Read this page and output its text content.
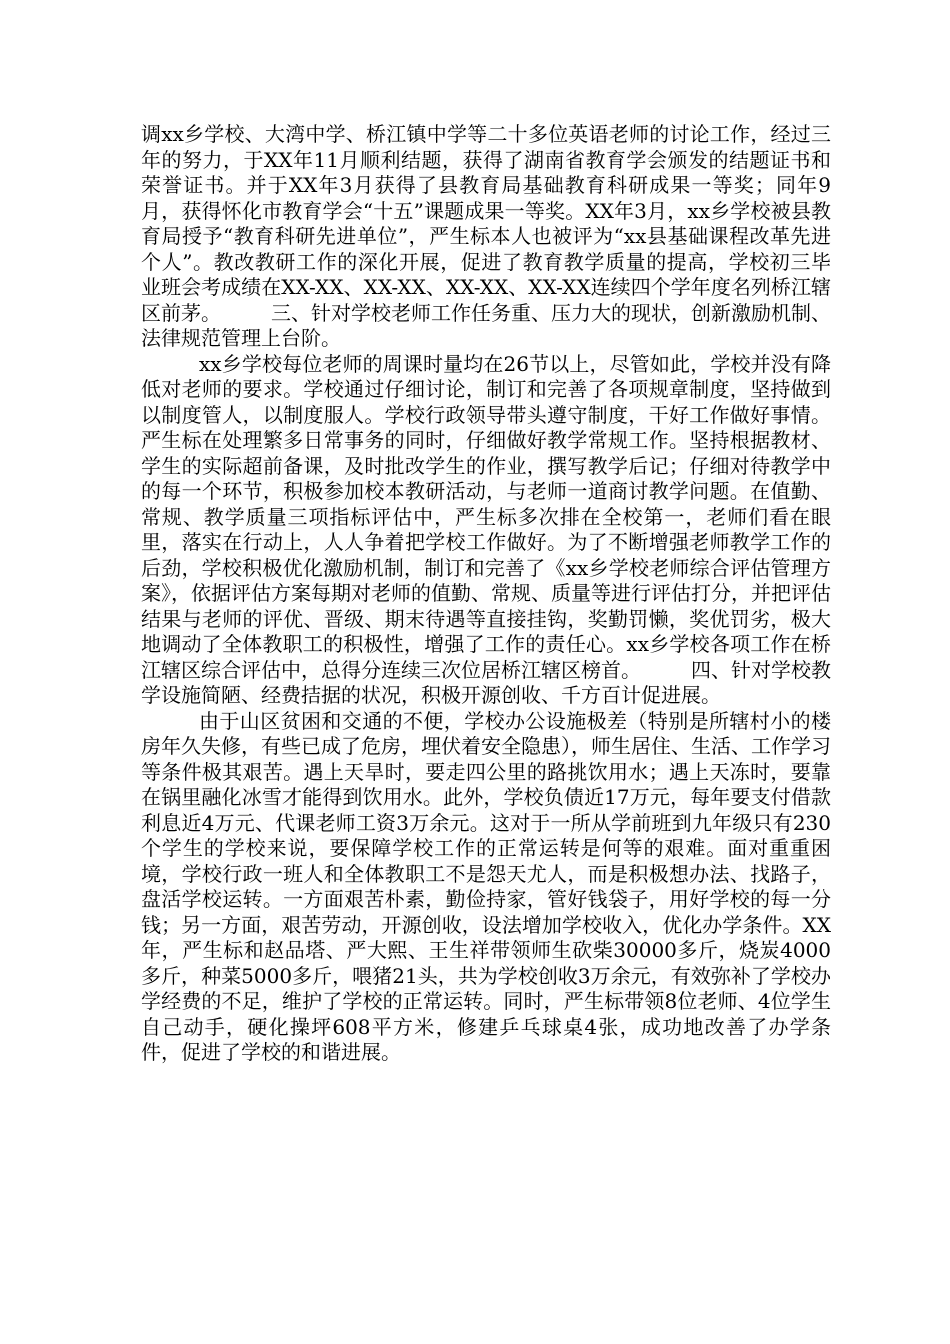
调xx乡学校、大湾中学、桥江镇中学等二十多位英语老师的讨论工作，经过三年的努力，于XX年11月顺利结题，获得了湖南省教育学会颁发的结题证书和荣誉证书。并于XX年3月获得了县教育局基础教育科研成果一等奖；同年9月，获得怀化市教育学会“十五”课题成果一等奖。XX年3月，xx乡学校被县教育局授予“教育科研先进单位”，严生标本人也被评为“xx县基础课程改革先进个人”。教改教研工作的深化开展，促进了教育教学质量的提高，学校初三毕业班会考成绩在XX-XX、XX-XX、XX-XX、XX-XX连续四个学年度名列桥江辖区前茅。　　　三、针对学校老师工作任务重、压力大的现状，创新激励机制、法律规范管理上台阶。

xx乡学校每位老师的周课时量均在26节以上，尽管如此，学校并没有降低对老师的要求。学校通过仔细讨论，制订和完善了各项规章制度，坚持做到以制度管人，以制度服人。学校行政领导带头遵守制度，干好工作做好事情。严生标在处理繁多日常事务的同时，仔细做好教学常规工作。坚持根据教材、学生的实际超前备课，及时批改学生的作业，撰写教学后记；仔细对待教学中的每一个环节，积极参加校本教研活动，与老师一道商讨教学问题。在值勤、常规、教学质量三项指标评估中，严生标多次排在全校第一，老师们看在眼里，落实在行动上，人人争着把学校工作做好。为了不断增强老师教学工作的后劲，学校积极优化激励机制，制订和完善了《xx乡学校老师综合评估管理方案》，依据评估方案每期对老师的值勤、常规、质量等进行评估打分，并把评估结果与老师的评优、晋级、期末待遇等直接挂钩，奖勤罚懒，奖优罚劣，极大地调动了全体教职工的积极性，增强了工作的责任心。xx乡学校各项工作在桥江辖区综合评估中，总得分连续三次位居桥江辖区榜首。　　　四、针对学校教学设施简陋、经费拮据的状况，积极开源创收、千方百计促进展。

由于山区贫困和交通的不便，学校办公设施极差（特别是所辖村小的楼房年久失修，有些已成了危房，埋伏着安全隐患），师生居住、生活、工作学习等条件极其艰苦。遇上天旱时，要走四公里的路挑饮用水；遇上天冻时，要靠在锅里融化冰雪才能得到饮用水。此外，学校负债近17万元，每年要支付借款利息近4万元、代课老师工资3万余元。这对于一所从学前班到九年级只有230个学生的学校来说，要保障学校工作的正常运转是何等的艰难。面对重重困境，学校行政一班人和全体教职工不是怨天尤人，而是积极想办法、找路子，盘活学校运转。一方面艰苦朴素，勤俭持家，管好钱袋子，用好学校的每一分钱；另一方面，艰苦劳动，开源创收，设法增加学校收入，优化办学条件。XX年，严生标和赵品塔、严大熙、王生祥带领师生砍柴30000多斤，烧炭4000多斤，种菜5000多斤，喂猪21头，共为学校创收3万余元，有效弥补了学校办学经费的不足，维护了学校的正常运转。同时，严生标带领8位老师、4位学生自己动手，硬化操坪608平方米，修建乒乓球桌4张，成功地改善了办学条件，促进了学校的和谐进展。
